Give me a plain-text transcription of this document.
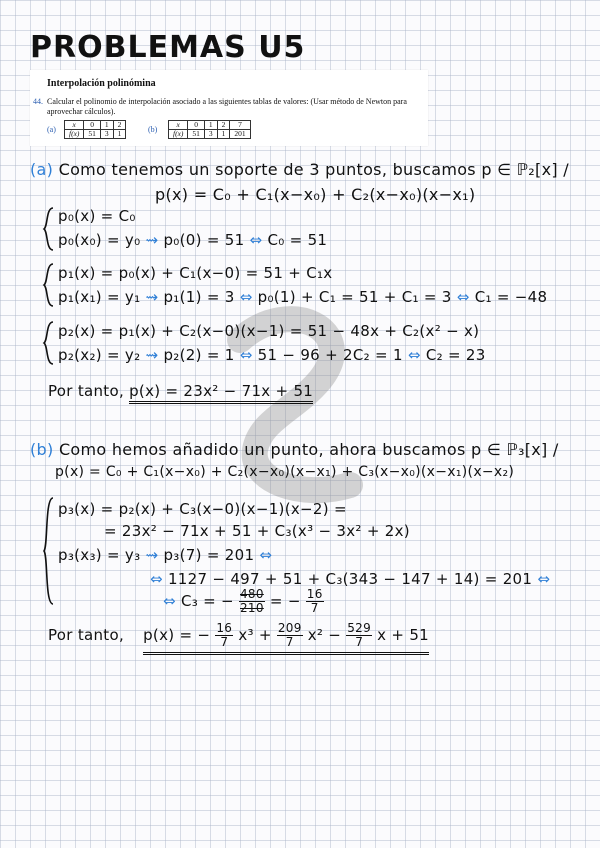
PROBLEMAS U5
Interpolación polinómina
44. Calcular el polinomio de interpolación asociado a las siguientes tablas de valores: (Usar método de Newton para aprovechar cálculos).
(a)
x	0	1	2
f(x)	51	3	1	(b)
x	0	1	2	7
f(x)	51	3	1	201
(a) Como tenemos un soporte de 3 puntos, buscamos p ∈ ℙ₂[x] /
p(x) = C₀ + C₁(x−x₀) + C₂(x−x₀)(x−x₁)
p₀(x) = C₀
p₀(x₀) = y₀ ⇝ p₀(0) = 51 ⇔ C₀ = 51
p₁(x) = p₀(x) + C₁(x−0) = 51 + C₁x
p₁(x₁) = y₁ ⇝ p₁(1) = 3 ⇔ p₀(1) + C₁ = 51 + C₁ = 3 ⇔ C₁ = −48
p₂(x) = p₁(x) + C₂(x−0)(x−1) = 51 − 48x + C₂(x² − x)
p₂(x₂) = y₂ ⇝ p₂(2) = 1 ⇔ 51 − 96 + 2C₂ = 1 ⇔ C₂ = 23
Por tanto, p(x) = 23x² − 71x + 51
(b) Como hemos añadido un punto, ahora buscamos p ∈ ℙ₃[x] /
p(x) = C₀ + C₁(x−x₀) + C₂(x−x₀)(x−x₁) + C₃(x−x₀)(x−x₁)(x−x₂)
p₃(x) = p₂(x) + C₃(x−0)(x−1)(x−2) =
= 23x² − 71x + 51 + C₃(x³ − 3x² + 2x)
p₃(x₃) = y₃ ⇝ p₃(7) = 201 ⇔
⇔ 1127 − 497 + 51 + C₃(343 − 147 + 14) = 201 ⇔
⇔ C₃ = − $\frac{480}{210}$ = − $\frac{16}{7}$
Por tanto, p(x) = − $\frac{16}{7} x^3 + \frac{209}{7} x^2 - \frac{529}{7}$ x + 51
